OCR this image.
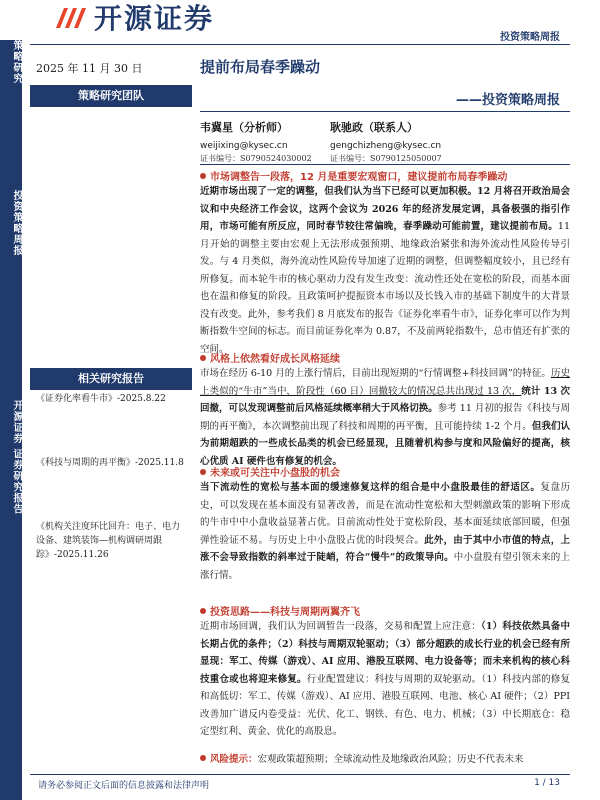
开源证券
投资策略周报
策略研究
投资策略周报
开源证券 证券研究报告
2025 年 11 月 30 日
策略研究团队
相关研究报告
《证券化率看牛市》-2025.8.22
《科技与周期的再平衡》-2025.11.8
《机构关注度环比回升：电子、电力设备、建筑装饰—机构调研周跟踪》-2025.11.26
提前布局春季躁动
——投资策略周报
韦冀星（分析师）
weijixing@kysec.cn
证书编号：S0790524030002
耿驰政（联系人）
gengchizheng@kysec.cn
证书编号：S0790125050007
市场调整告一段落，12 月是重要宏观窗口，建议提前布局春季躁动
近期市场出现了一定的调整，但我们认为当下已经可以更加积极。12 月将召开政治局会议和中央经济工作会议，这两个会议为 2026 年的经济发展定调，具备极强的指引作用，市场可能有所反应，同时春节较往常偏晚，春季躁动可能前置，建议提前布局。11 月开始的调整主要由宏观上无法形成强预期、地缘政治紧张和海外流动性风险传导引发。与 4 月类似，海外流动性风险传导加速了近期的调整，但调整幅度较小，且已经有所修复。而本轮牛市的核心驱动力没有发生改变：流动性还处在宽松的阶段，而基本面也在温和修复的阶段。且政策呵护提振资本市场以及长钱入市的基础下制度牛的大背景没有改变。此外，参考我们 8 月底发布的报告《证券化率看牛市》，证券化率可以作为判断指数牛空间的标志。而目前证券化率为 0.87，不及前两轮指数牛，总市值还有扩张的空间。
风格上依然看好成长风格延续
市场在经历 6-10 月的上涨行情后，目前出现短期的“行情调整+科技回调”的特征。历史上类似的“牛市”当中，阶段性（60 日）回撤较大的情况总共出现过 13 次，统计 13 次回撤，可以发现调整前后风格延续概率稍大于风格切换。参考 11 月初的报告《科技与周期的再平衡》，本次调整前出现了科技和周期的再平衡，且可能持续 1-2 个月。但我们认为前期超跌的一些成长品类的机会已经显现，且随着机构参与度和风险偏好的提高，核心优质 AI 硬件也有修复的机会。
未来或可关注中小盘股的机会
当下流动性的宽松与基本面的缓速修复这样的组合是中小盘股最佳的舒适区。复盘历史，可以发现在基本面没有显著改善，而是在流动性宽松和大型刺激政策的影响下形成的牛市中中小盘收益显著占优。目前流动性处于宽松阶段，基本面延续底部回暖，但强弹性验证不易。与历史上中小盘股占优的时段契合。此外，由于其中小市值的特点，上涨不会导致指数的斜率过于陡峭，符合“慢牛”的政策导向。中小盘股有望引领未来的上涨行情。
投资思路——科技与周期两翼齐飞
近期市场回调，我们认为回调暂告一段落，交易和配置上应注意：（1）科技依然具备中长期占优的条件；（2）科技与周期双轮驱动；（3）部分超跌的成长行业的机会已经有所显现：军工、传媒（游戏）、AI 应用、港股互联网、电力设备等；而未来机构的核心科技重仓或也将迎来修复。行业配置建议：科技与周期的双轮驱动。（1）科技内部的修复和高低切：军工、传媒（游戏）、AI 应用、港股互联网、电池、核心 AI 硬件；（2）PPI 改善加广谱反内卷受益：光伏、化工、钢铁、有色、电力、机械；（3）中长期底仓：稳定型红利、黄金、优化的高股息。
风险提示：宏观政策超预期；全球流动性及地缘政治风险；历史不代表未来
请务必参阅正文后面的信息披露和法律声明	1 / 13
